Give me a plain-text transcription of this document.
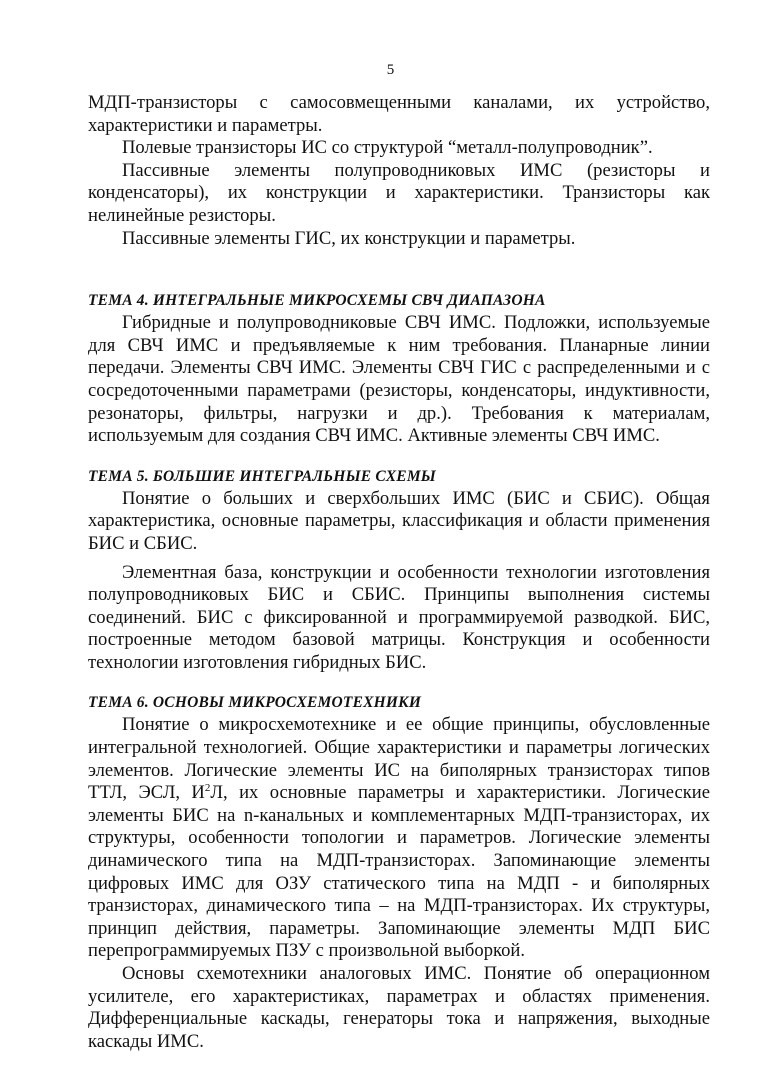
5

МДП-транзисторы с самосовмещенными каналами, их устройство, характеристики и параметры.

Полевые транзисторы ИС со структурой “металл-полупроводник”.

Пассивные элементы полупроводниковых ИМС (резисторы и конденсаторы), их конструкции и характеристики. Транзисторы как нелинейные резисторы.

Пассивные элементы ГИС, их конструкции и параметры.

ТЕМА 4. ИНТЕГРАЛЬНЫЕ МИКРОСХЕМЫ СВЧ ДИАПАЗОНА

Гибридные и полупроводниковые СВЧ ИМС. Подложки, используемые для СВЧ ИМС и предъявляемые к ним требования. Планарные линии передачи. Элементы СВЧ ИМС. Элементы СВЧ ГИС с распределенными и с сосредоточенными параметрами (резисторы, конденсаторы, индуктивности, резонаторы, фильтры, нагрузки и др.). Требования к материалам, используемым для создания СВЧ ИМС. Активные элементы СВЧ ИМС.

ТЕМА 5. БОЛЬШИЕ ИНТЕГРАЛЬНЫЕ СХЕМЫ

Понятие о больших и сверхбольших ИМС (БИС и СБИС). Общая характеристика, основные параметры, классификация и области применения БИС и СБИС.

Элементная база, конструкции и особенности технологии изготовления полупроводниковых БИС и СБИС. Принципы выполнения системы соединений. БИС с фиксированной и программируемой разводкой. БИС, построенные методом базовой матрицы. Конструкция и особенности технологии изготовления гибридных БИС.

ТЕМА 6. ОСНОВЫ МИКРОСХЕМОТЕХНИКИ

Понятие о микросхемотехнике и ее общие принципы, обусловленные интегральной технологией. Общие характеристики и параметры логических элементов. Логические элементы ИС на биполярных транзисторах типов ТТЛ, ЭСЛ, $И^2Л$, их основные параметры и характеристики. Логические элементы БИС на n-канальных и комплементарных МДП-транзисторах, их структуры, особенности топологии и параметров. Логические элементы динамического типа на МДП-транзисторах. Запоминающие элементы цифровых ИМС для ОЗУ статического типа на МДП - и биполярных транзисторах, динамического типа – на МДП-транзисторах. Их структуры, принцип действия, параметры. Запоминающие элементы МДП БИС перепрограммируемых ПЗУ с произвольной выборкой.

Основы схемотехники аналоговых ИМС. Понятие об операционном усилителе, его характеристиках, параметрах и областях применения. Дифференциальные каскады, генераторы тока и напряжения, выходные каскады ИМС.
